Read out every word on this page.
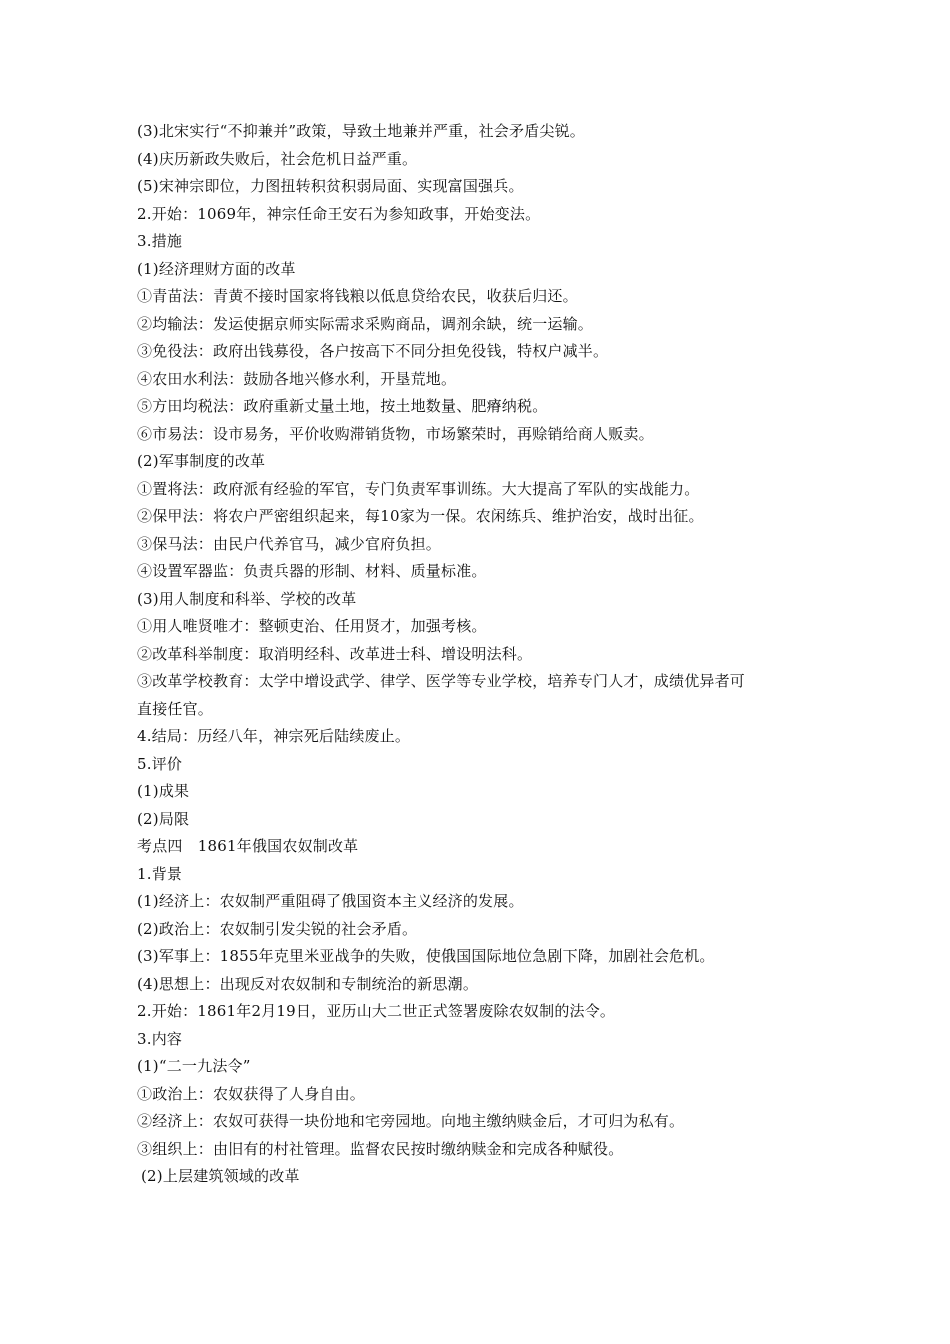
(3)北宋实行“不抑兼并”政策，导致土地兼并严重，社会矛盾尖锐。
(4)庆历新政失败后，社会危机日益严重。
(5)宋神宗即位，力图扭转积贫积弱局面、实现富国强兵。
2.开始：1069年，神宗任命王安石为参知政事，开始变法。
3.措施
(1)经济理财方面的改革
①青苗法：青黄不接时国家将钱粮以低息贷给农民，收获后归还。
②均输法：发运使据京师实际需求采购商品，调剂余缺，统一运输。
③免役法：政府出钱募役，各户按高下不同分担免役钱，特权户减半。
④农田水利法：鼓励各地兴修水利，开垦荒地。
⑤方田均税法：政府重新丈量土地，按土地数量、肥瘠纳税。
⑥市易法：设市易务，平价收购滞销货物，市场繁荣时，再赊销给商人贩卖。
(2)军事制度的改革
①置将法：政府派有经验的军官，专门负责军事训练。大大提高了军队的实战能力。
②保甲法：将农户严密组织起来，每10家为一保。农闲练兵、维护治安，战时出征。
③保马法：由民户代养官马，减少官府负担。
④设置军器监：负责兵器的形制、材料、质量标准。
(3)用人制度和科举、学校的改革
①用人唯贤唯才：整顿吏治、任用贤才，加强考核。
②改革科举制度：取消明经科、改革进士科、增设明法科。
③改革学校教育：太学中增设武学、律学、医学等专业学校，培养专门人才，成绩优异者可
直接任官。
4.结局：历经八年，神宗死后陆续废止。
5.评价
(1)成果
(2)局限
考点四　1861年俄国农奴制改革
1.背景
(1)经济上：农奴制严重阻碍了俄国资本主义经济的发展。
(2)政治上：农奴制引发尖锐的社会矛盾。
(3)军事上：1855年克里米亚战争的失败，使俄国国际地位急剧下降，加剧社会危机。
(4)思想上：出现反对农奴制和专制统治的新思潮。
2.开始：1861年2月19日，亚历山大二世正式签署废除农奴制的法令。
3.内容
(1)“二一九法令”
①政治上：农奴获得了人身自由。
②经济上：农奴可获得一块份地和宅旁园地。向地主缴纳赎金后，才可归为私有。
③组织上：由旧有的村社管理。监督农民按时缴纳赎金和完成各种赋役。
(2)上层建筑领域的改革
